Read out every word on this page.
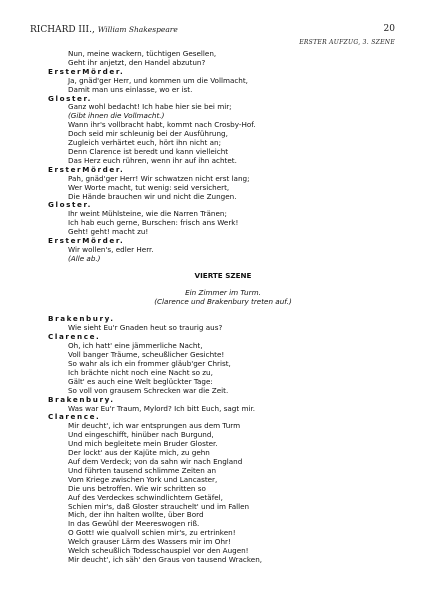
RICHARD III., William Shakespeare	20
ERSTER AUFZUG, 3. SZENE
Nun, meine wackern, tüchtigen Gesellen,
Geht ihr anjetzt, den Handel abzutun?
ErsterMörder.
Ja, gnäd'ger Herr, und kommen um die Vollmacht,
Damit man uns einlasse, wo er ist.
Gloster.
Ganz wohl bedacht! Ich habe hier sie bei mir;
(Gibt ihnen die Vollmacht.)
Wann ihr's vollbracht habt, kommt nach Crosby-Hof.
Doch seid mir schleunig bei der Ausführung,
Zugleich verhärtet euch, hört ihn nicht an;
Denn Clarence ist beredt und kann vielleicht
Das Herz euch rühren, wenn ihr auf ihn achtet.
ErsterMörder.
Pah, gnäd'ger Herr! Wir schwatzen nicht erst lang;
Wer Worte macht, tut wenig: seid versichert,
Die Hände brauchen wir und nicht die Zungen.
Gloster.
Ihr weint Mühlsteine, wie die Narren Tränen;
Ich hab euch gerne, Burschen: frisch ans Werk!
Geht! geht! macht zu!
ErsterMörder.
Wir wollen's, edler Herr.
(Alle ab.)
VIERTE SZENE
Ein Zimmer im Turm.
(Clarence und Brakenbury treten auf.)
Brakenbury.
Wie sieht Eu'r Gnaden heut so traurig aus?
Clarence.
Oh, ich hatt' eine jämmerliche Nacht,
Voll banger Träume, scheußlicher Gesichte!
So wahr als ich ein frommer gläub'ger Christ,
Ich brächte nicht noch eine Nacht so zu,
Gält' es auch eine Welt beglückter Tage:
So voll von grausem Schrecken war die Zeit.
Brakenbury.
Was war Eu'r Traum, Mylord? Ich bitt Euch, sagt mir.
Clarence.
Mir deucht', ich war entsprungen aus dem Turm
Und eingeschifft, hinüber nach Burgund,
Und mich begleitete mein Bruder Gloster.
Der lockt' aus der Kajüte mich, zu gehn
Auf dem Verdeck; von da sahn wir nach England
Und führten tausend schlimme Zeiten an
Vom Kriege zwischen York und Lancaster,
Die uns betroffen. Wie wir schritten so
Auf des Verdeckes schwindlichtem Getäfel,
Schien mir's, daß Gloster strauchelt' und im Fallen
Mich, der ihn halten wollte, über Bord
In das Gewühl der Meereswogen riß.
O Gott! wie qualvoll schien mir's, zu ertrinken!
Welch grauser Lärm des Wassers mir im Ohr!
Welch scheußlich Todesschauspiel vor den Augen!
Mir deucht', ich säh' den Graus von tausend Wracken,
